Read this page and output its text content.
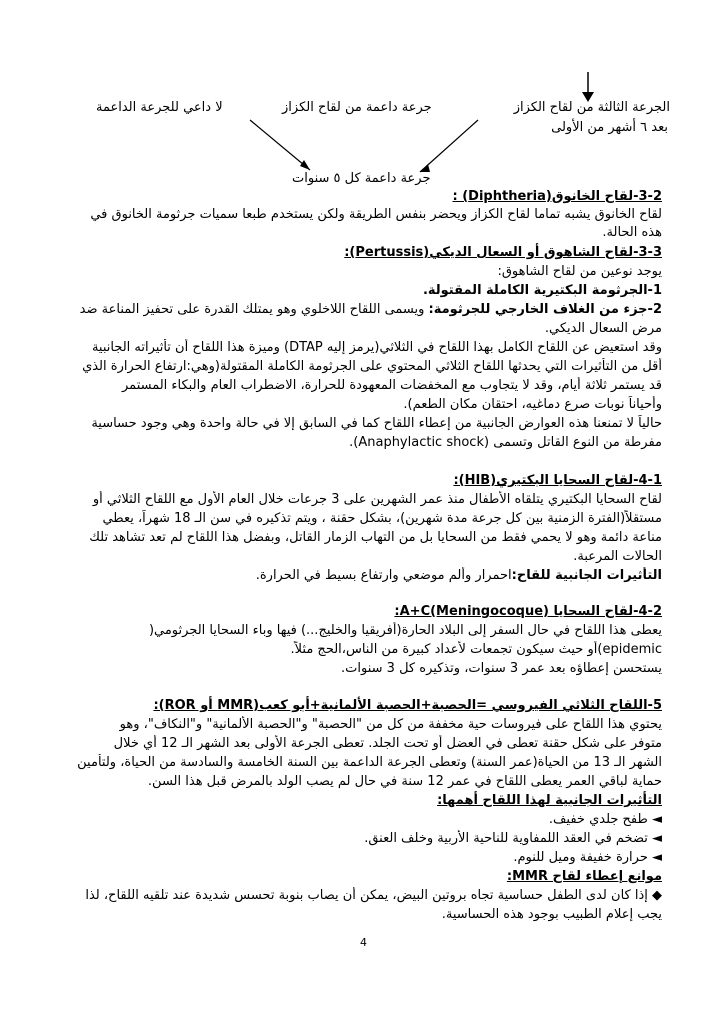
الجرعة الثالثة من لقاح الكزاز
بعد ٦ أشهر من الأولى
جرعة داعمة من لقاح الكزاز
لا داعي للجرعة الداعمة
جرعة داعمة كل ٥ سنوات
3-2-لقاح الخانوق(Diphtheria) :
لقاح الخانوق يشبه تماما لقاح الكزاز ويحضر بنفس الطريقة ولكن يستخدم طبعا سميات جرثومة الخانوق في
هذه الحالة.
3-3-لقاح الشاهوق أو السعال الديكي(Pertussis):
يوجد نوعين من لقاح الشاهوق:
1-الجرثومة البكتيرية الكاملة المقتولة.
2-جزء من الغلاف الخارجي للجرثومة: ويسمى اللقاح اللاخلوي وهو يمتلك القدرة على تحفيز المناعة ضد
مرض السعال الديكي.
وقد استعيض عن اللقاح الكامل بهذا اللقاح في الثلاثي(يرمز إليه DTAP) وميزة هذا اللقاح أن تأثيراته الجانبية
أقل من التأثيرات التي يحدثها اللقاح الثلاثي المحتوي على الجرثومة الكاملة المقتولة(وهي:ارتفاع الحرارة الذي
قد يستمر ثلاثة أيام، وقد لا يتجاوب مع المخفضات المعهودة للحرارة، الاضطراب العام والبكاء المستمر
وأحياناً نوبات صرع دماغيه، احتقان مكان الطعم).
حالياً لا تمنعنا هذه العوارض الجانبية من إعطاء اللقاح كما في السابق إلا في حالة واحدة وهي وجود حساسية
مفرطة من النوع القاتل وتسمى (Anaphylactic shock).
4-1-لقاح السحايا البكتيري(HIB):
لقاح السحايا البكتيري يتلقاه الأطفال منذ عمر الشهرين على 3 جرعات خلال العام الأول مع اللقاح الثلاثي أو
مستقلاً(الفترة الزمنية بين كل جرعة مدة شهرين)، بشكل حقنة ، ويتم تذكيره في سن الـ 18 شهراً، يعطي
مناعة دائمة وهو لا يحمي فقط من السحايا بل من التهاب الزمار القاتل، وبفضل هذا اللقاح لم تعد تشاهد تلك
الحالات المرعبة.
التأثيرات الجانبية للقاح:احمرار وألم موضعي وارتفاع بسيط في الحرارة.
4-2-لقاح السحايا A+C(Meningocoque):
يعطى هذا اللقاح في حال السفر إلى البلاد الحارة(أفريقيا والخليج...) فيها وباء السحايا الجرثومي(
epidemic)أو حيث سيكون تجمعات لأعداد كبيرة من الناس،الحج مثلاً.
يستحسن إعطاؤه بعد عمر 3 سنوات، وتذكيره كل 3 سنوات.
5-اللقاح الثلاثي الفيروسي =الحصبة+الحصبة الألمانية+أبو كعب(MMR أو ROR):
يحتوي هذا اللقاح على فيروسات حية مخففة من كل من "الحصبة" و"الحصبة الألمانية" و"النكاف"، وهو
متوفر على شكل حقنة تعطى في العضل أو تحت الجلد. تعطى الجرعة الأولى بعد الشهر الـ 12 أي خلال
الشهر الـ 13 من الحياة(عمر السنة) وتعطى الجرعة الداعمة بين السنة الخامسة والسادسة من الحياة، ولتأمين
حماية لباقي العمر يعطى اللقاح في عمر 12 سنة في حال لم يصب الولد بالمرض قبل هذا السن.
التأثيرات الجانبية لهذا اللقاح أهمها:
◄ طفح جلدي خفيف.
◄ تضخم في العقد اللمفاوية للناحية الأربية وخلف العنق.
◄ حرارة خفيفة وميل للنوم.
موانع إعطاء لقاح MMR:
◆ إذا كان لدى الطفل حساسية تجاه بروتين البيض، يمكن أن يصاب بنوبة تحسس شديدة عند تلقيه اللقاح، لذا
يجب إعلام الطبيب بوجود هذه الحساسية.
4
